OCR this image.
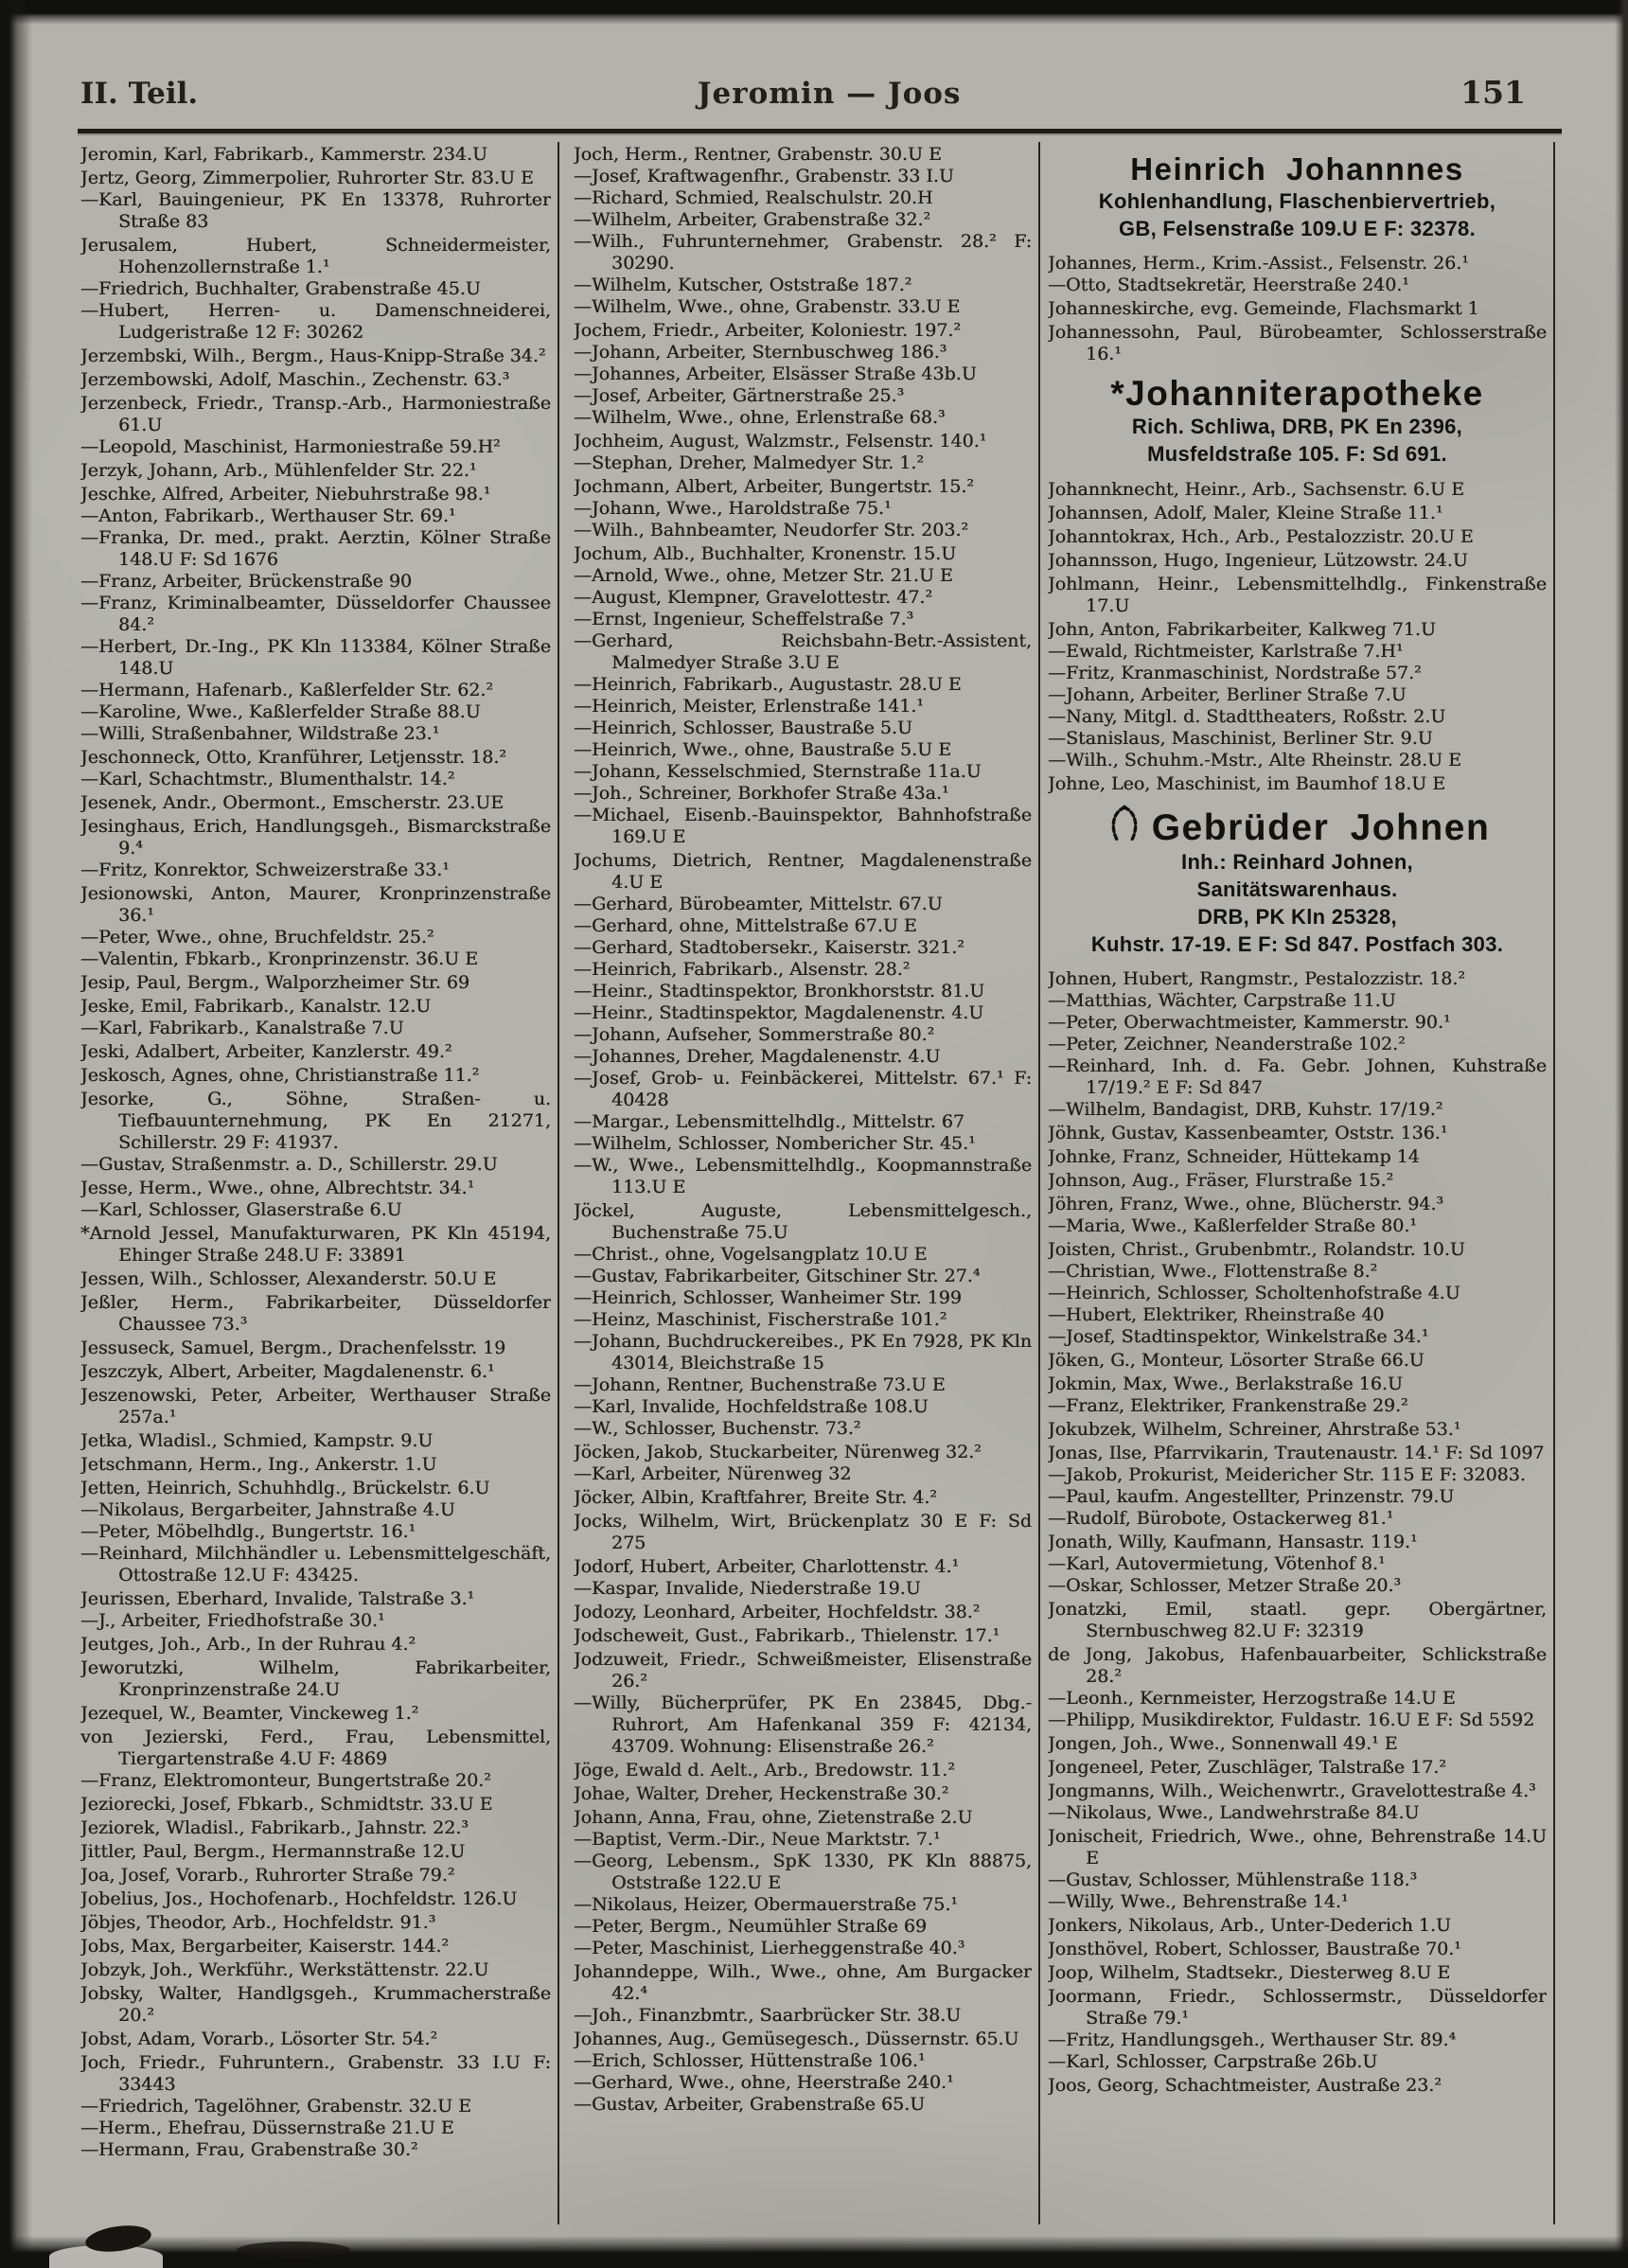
II. Teil.	Jeromin — Joos	151

Jeromin, Karl, Fabrikarb., Kammerstr. 234.U

Jertz, Georg, Zimmerpolier, Ruhrorter Str. 83.U E

—Karl, Bauingenieur, PK En 13378, Ruhrorter Straße 83

Jerusalem, Hubert, Schneidermeister, Hohenzollernstraße 1.¹

—Friedrich, Buchhalter, Grabenstraße 45.U

—Hubert, Herren- u. Damenschneiderei, Ludgeristraße 12 F: 30262

Jerzembski, Wilh., Bergm., Haus-Knipp-Straße 34.²

Jerzembowski, Adolf, Maschin., Zechenstr. 63.³

Jerzenbeck, Friedr., Transp.-Arb., Harmoniestraße 61.U

—Leopold, Maschinist, Harmoniestraße 59.H²

Jerzyk, Johann, Arb., Mühlenfelder Str. 22.¹

Jeschke, Alfred, Arbeiter, Niebuhrstraße 98.¹

—Anton, Fabrikarb., Werthauser Str. 69.¹

—Franka, Dr. med., prakt. Aerztin, Kölner Straße 148.U F: Sd 1676

—Franz, Arbeiter, Brückenstraße 90

—Franz, Kriminalbeamter, Düsseldorfer Chaussee 84.²

—Herbert, Dr.-Ing., PK Kln 113384, Kölner Straße 148.U

—Hermann, Hafenarb., Kaßlerfelder Str. 62.²

—Karoline, Wwe., Kaßlerfelder Straße 88.U

—Willi, Straßenbahner, Wildstraße 23.¹

Jeschonneck, Otto, Kranführer, Letjensstr. 18.²

—Karl, Schachtmstr., Blumenthalstr. 14.²

Jesenek, Andr., Obermont., Emscherstr. 23.UE

Jesinghaus, Erich, Handlungsgeh., Bismarckstraße 9.⁴

—Fritz, Konrektor, Schweizerstraße 33.¹

Jesionowski, Anton, Maurer, Kronprinzenstraße 36.¹

—Peter, Wwe., ohne, Bruchfeldstr. 25.²

—Valentin, Fbkarb., Kronprinzenstr. 36.U E

Jesip, Paul, Bergm., Walporzheimer Str. 69

Jeske, Emil, Fabrikarb., Kanalstr. 12.U

—Karl, Fabrikarb., Kanalstraße 7.U

Jeski, Adalbert, Arbeiter, Kanzlerstr. 49.²

Jeskosch, Agnes, ohne, Christianstraße 11.²

Jesorke, G., Söhne, Straßen- u. Tiefbauunternehmung, PK En 21271, Schillerstr. 29 F: 41937.

—Gustav, Straßenmstr. a. D., Schillerstr. 29.U

Jesse, Herm., Wwe., ohne, Albrechtstr. 34.¹

—Karl, Schlosser, Glaserstraße 6.U

*Arnold Jessel, Manufakturwaren, PK Kln 45194, Ehinger Straße 248.U F: 33891

Jessen, Wilh., Schlosser, Alexanderstr. 50.U E

Jeßler, Herm., Fabrikarbeiter, Düsseldorfer Chaussee 73.³

Jessuseck, Samuel, Bergm., Drachenfelsstr. 19

Jeszczyk, Albert, Arbeiter, Magdalenenstr. 6.¹

Jeszenowski, Peter, Arbeiter, Werthauser Straße 257a.¹

Jetka, Wladisl., Schmied, Kampstr. 9.U

Jetschmann, Herm., Ing., Ankerstr. 1.U

Jetten, Heinrich, Schuhhdlg., Brückelstr. 6.U

—Nikolaus, Bergarbeiter, Jahnstraße 4.U

—Peter, Möbelhdlg., Bungertstr. 16.¹

—Reinhard, Milchhändler u. Lebensmittelgeschäft, Ottostraße 12.U F: 43425.

Jeurissen, Eberhard, Invalide, Talstraße 3.¹

—J., Arbeiter, Friedhofstraße 30.¹

Jeutges, Joh., Arb., In der Ruhrau 4.²

Jeworutzki, Wilhelm, Fabrikarbeiter, Kronprinzenstraße 24.U

Jezequel, W., Beamter, Vinckeweg 1.²

von Jezierski, Ferd., Frau, Lebensmittel, Tiergartenstraße 4.U F: 4869

—Franz, Elektromonteur, Bungertstraße 20.²

Jeziorecki, Josef, Fbkarb., Schmidtstr. 33.U E

Jeziorek, Wladisl., Fabrikarb., Jahnstr. 22.³

Jittler, Paul, Bergm., Hermannstraße 12.U

Joa, Josef, Vorarb., Ruhrorter Straße 79.²

Jobelius, Jos., Hochofenarb., Hochfeldstr. 126.U

Jöbjes, Theodor, Arb., Hochfeldstr. 91.³

Jobs, Max, Bergarbeiter, Kaiserstr. 144.²

Jobzyk, Joh., Werkführ., Werkstättenstr. 22.U

Jobsky, Walter, Handlgsgeh., Krummacherstraße 20.²

Jobst, Adam, Vorarb., Lösorter Str. 54.²

Joch, Friedr., Fuhruntern., Grabenstr. 33 I.U F: 33443

—Friedrich, Tagelöhner, Grabenstr. 32.U E

—Herm., Ehefrau, Düssernstraße 21.U E

—Hermann, Frau, Grabenstraße 30.²

Joch, Herm., Rentner, Grabenstr. 30.U E

—Josef, Kraftwagenfhr., Grabenstr. 33 I.U

—Richard, Schmied, Realschulstr. 20.H

—Wilhelm, Arbeiter, Grabenstraße 32.²

—Wilh., Fuhrunternehmer, Grabenstr. 28.² F: 30290.

—Wilhelm, Kutscher, Oststraße 187.²

—Wilhelm, Wwe., ohne, Grabenstr. 33.U E

Jochem, Friedr., Arbeiter, Koloniestr. 197.²

—Johann, Arbeiter, Sternbuschweg 186.³

—Johannes, Arbeiter, Elsässer Straße 43b.U

—Josef, Arbeiter, Gärtnerstraße 25.³

—Wilhelm, Wwe., ohne, Erlenstraße 68.³

Jochheim, August, Walzmstr., Felsenstr. 140.¹

—Stephan, Dreher, Malmedyer Str. 1.²

Jochmann, Albert, Arbeiter, Bungertstr. 15.²

—Johann, Wwe., Haroldstraße 75.¹

—Wilh., Bahnbeamter, Neudorfer Str. 203.²

Jochum, Alb., Buchhalter, Kronenstr. 15.U

—Arnold, Wwe., ohne, Metzer Str. 21.U E

—August, Klempner, Gravelottestr. 47.²

—Ernst, Ingenieur, Scheffelstraße 7.³

—Gerhard, Reichsbahn-Betr.-Assistent, Malmedyer Straße 3.U E

—Heinrich, Fabrikarb., Augustastr. 28.U E

—Heinrich, Meister, Erlenstraße 141.¹

—Heinrich, Schlosser, Baustraße 5.U

—Heinrich, Wwe., ohne, Baustraße 5.U E

—Johann, Kesselschmied, Sternstraße 11a.U

—Joh., Schreiner, Borkhofer Straße 43a.¹

—Michael, Eisenb.-Bauinspektor, Bahnhofstraße 169.U E

Jochums, Dietrich, Rentner, Magdalenenstraße 4.U E

—Gerhard, Bürobeamter, Mittelstr. 67.U

—Gerhard, ohne, Mittelstraße 67.U E

—Gerhard, Stadtobersekr., Kaiserstr. 321.²

—Heinrich, Fabrikarb., Alsenstr. 28.²

—Heinr., Stadtinspektor, Bronkhorststr. 81.U

—Heinr., Stadtinspektor, Magdalenenstr. 4.U

—Johann, Aufseher, Sommerstraße 80.²

—Johannes, Dreher, Magdalenenstr. 4.U

—Josef, Grob- u. Feinbäckerei, Mittelstr. 67.¹ F: 40428

—Margar., Lebensmittelhdlg., Mittelstr. 67

—Wilhelm, Schlosser, Nombericher Str. 45.¹

—W., Wwe., Lebensmittelhdlg., Koopmannstraße 113.U E

Jöckel, Auguste, Lebensmittelgesch., Buchenstraße 75.U

—Christ., ohne, Vogelsangplatz 10.U E

—Gustav, Fabrikarbeiter, Gitschiner Str. 27.⁴

—Heinrich, Schlosser, Wanheimer Str. 199

—Heinz, Maschinist, Fischerstraße 101.²

—Johann, Buchdruckereibes., PK En 7928, PK Kln 43014, Bleichstraße 15

—Johann, Rentner, Buchenstraße 73.U E

—Karl, Invalide, Hochfeldstraße 108.U

—W., Schlosser, Buchenstr. 73.²

Jöcken, Jakob, Stuckarbeiter, Nürenweg 32.²

—Karl, Arbeiter, Nürenweg 32

Jöcker, Albin, Kraftfahrer, Breite Str. 4.²

Jocks, Wilhelm, Wirt, Brückenplatz 30 E F: Sd 275

Jodorf, Hubert, Arbeiter, Charlottenstr. 4.¹

—Kaspar, Invalide, Niederstraße 19.U

Jodozy, Leonhard, Arbeiter, Hochfeldstr. 38.²

Jodscheweit, Gust., Fabrikarb., Thielenstr. 17.¹

Jodzuweit, Friedr., Schweißmeister, Elisenstraße 26.²

—Willy, Bücherprüfer, PK En 23845, Dbg.-Ruhrort, Am Hafenkanal 359 F: 42134, 43709. Wohnung: Elisenstraße 26.²

Jöge, Ewald d. Aelt., Arb., Bredowstr. 11.²

Johae, Walter, Dreher, Heckenstraße 30.²

Johann, Anna, Frau, ohne, Zietenstraße 2.U

—Baptist, Verm.-Dir., Neue Marktstr. 7.¹

—Georg, Lebensm., SpK 1330, PK Kln 88875, Oststraße 122.U E

—Nikolaus, Heizer, Obermauerstraße 75.¹

—Peter, Bergm., Neumühler Straße 69

—Peter, Maschinist, Lierheggenstraße 40.³

Johanndeppe, Wilh., Wwe., ohne, Am Burgacker 42.⁴

—Joh., Finanzbmtr., Saarbrücker Str. 38.U

Johannes, Aug., Gemüsegesch., Düssernstr. 65.U

—Erich, Schlosser, Hüttenstraße 106.¹

—Gerhard, Wwe., ohne, Heerstraße 240.¹

—Gustav, Arbeiter, Grabenstraße 65.U

Heinrich Johannnes
Kohlenhandlung, Flaschenbiervertrieb,
GB, Felsenstraße 109.U E F: 32378.

Johannes, Herm., Krim.-Assist., Felsenstr. 26.¹

—Otto, Stadtsekretär, Heerstraße 240.¹

Johanneskirche, evg. Gemeinde, Flachsmarkt 1

Johannessohn, Paul, Bürobeamter, Schlosserstraße 16.¹

*Johanniterapotheke
Rich. Schliwa, DRB, PK En 2396,
Musfeldstraße 105. F: Sd 691.

Johannknecht, Heinr., Arb., Sachsenstr. 6.U E

Johannsen, Adolf, Maler, Kleine Straße 11.¹

Johanntokrax, Hch., Arb., Pestalozzistr. 20.U E

Johannsson, Hugo, Ingenieur, Lützowstr. 24.U

Johlmann, Heinr., Lebensmittelhdlg., Finkenstraße 17.U

John, Anton, Fabrikarbeiter, Kalkweg 71.U

—Ewald, Richtmeister, Karlstraße 7.H¹

—Fritz, Kranmaschinist, Nordstraße 57.²

—Johann, Arbeiter, Berliner Straße 7.U

—Nany, Mitgl. d. Stadttheaters, Roßstr. 2.U

—Stanislaus, Maschinist, Berliner Str. 9.U

—Wilh., Schuhm.-Mstr., Alte Rheinstr. 28.U E

Johne, Leo, Maschinist, im Baumhof 18.U E

Gebrüder Johnen
Inh.: Reinhard Johnen,
Sanitätswarenhaus.
DRB, PK Kln 25328,
Kuhstr. 17-19. E F: Sd 847. Postfach 303.

Johnen, Hubert, Rangmstr., Pestalozzistr. 18.²

—Matthias, Wächter, Carpstraße 11.U

—Peter, Oberwachtmeister, Kammerstr. 90.¹

—Peter, Zeichner, Neanderstraße 102.²

—Reinhard, Inh. d. Fa. Gebr. Johnen, Kuhstraße 17/19.² E F: Sd 847

—Wilhelm, Bandagist, DRB, Kuhstr. 17/19.²

Jöhnk, Gustav, Kassenbeamter, Oststr. 136.¹

Johnke, Franz, Schneider, Hüttekamp 14

Johnson, Aug., Fräser, Flurstraße 15.²

Jöhren, Franz, Wwe., ohne, Blücherstr. 94.³

—Maria, Wwe., Kaßlerfelder Straße 80.¹

Joisten, Christ., Grubenbmtr., Rolandstr. 10.U

—Christian, Wwe., Flottenstraße 8.²

—Heinrich, Schlosser, Scholtenhofstraße 4.U

—Hubert, Elektriker, Rheinstraße 40

—Josef, Stadtinspektor, Winkelstraße 34.¹

Jöken, G., Monteur, Lösorter Straße 66.U

Jokmin, Max, Wwe., Berlakstraße 16.U

—Franz, Elektriker, Frankenstraße 29.²

Jokubzek, Wilhelm, Schreiner, Ahrstraße 53.¹

Jonas, Ilse, Pfarrvikarin, Trautenaustr. 14.¹ F: Sd 1097

—Jakob, Prokurist, Meidericher Str. 115 E F: 32083.

—Paul, kaufm. Angestellter, Prinzenstr. 79.U

—Rudolf, Bürobote, Ostackerweg 81.¹

Jonath, Willy, Kaufmann, Hansastr. 119.¹

—Karl, Autovermietung, Vötenhof 8.¹

—Oskar, Schlosser, Metzer Straße 20.³

Jonatzki, Emil, staatl. gepr. Obergärtner, Sternbuschweg 82.U F: 32319

de Jong, Jakobus, Hafenbauarbeiter, Schlickstraße 28.²

—Leonh., Kernmeister, Herzogstraße 14.U E

—Philipp, Musikdirektor, Fuldastr. 16.U E F: Sd 5592

Jongen, Joh., Wwe., Sonnenwall 49.¹ E

Jongeneel, Peter, Zuschläger, Talstraße 17.²

Jongmanns, Wilh., Weichenwrtr., Gravelottestraße 4.³

—Nikolaus, Wwe., Landwehrstraße 84.U

Jonischeit, Friedrich, Wwe., ohne, Behrenstraße 14.U E

—Gustav, Schlosser, Mühlenstraße 118.³

—Willy, Wwe., Behrenstraße 14.¹

Jonkers, Nikolaus, Arb., Unter-Dederich 1.U

Jonsthövel, Robert, Schlosser, Baustraße 70.¹

Joop, Wilhelm, Stadtsekr., Diesterweg 8.U E

Joormann, Friedr., Schlossermstr., Düsseldorfer Straße 79.¹

—Fritz, Handlungsgeh., Werthauser Str. 89.⁴

—Karl, Schlosser, Carpstraße 26b.U

Joos, Georg, Schachtmeister, Austraße 23.²
